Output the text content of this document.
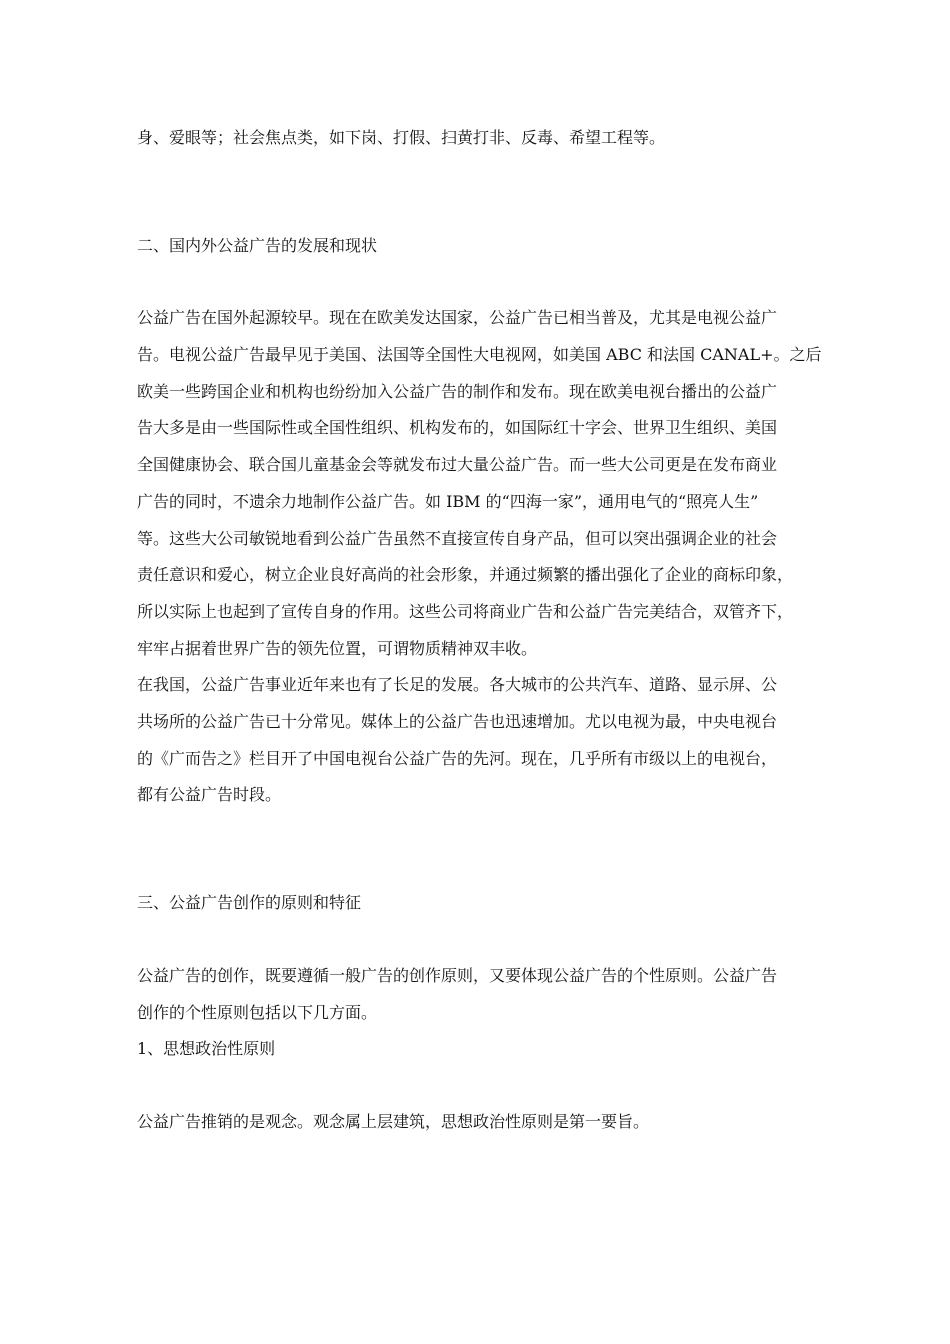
身、爱眼等；社会焦点类，如下岗、打假、扫黄打非、反毒、希望工程等。
二、国内外公益广告的发展和现状
公益广告在国外起源较早。现在在欧美发达国家，公益广告已相当普及，尤其是电视公益广
告。电视公益广告最早见于美国、法国等全国性大电视网，如美国 ABC 和法国 CANAL+。之后
欧美一些跨国企业和机构也纷纷加入公益广告的制作和发布。现在欧美电视台播出的公益广
告大多是由一些国际性或全国性组织、机构发布的，如国际红十字会、世界卫生组织、美国
全国健康协会、联合国儿童基金会等就发布过大量公益广告。而一些大公司更是在发布商业
广告的同时，不遗余力地制作公益广告。如 IBM 的“四海一家”，通用电气的“照亮人生”
等。这些大公司敏锐地看到公益广告虽然不直接宣传自身产品，但可以突出强调企业的社会
责任意识和爱心，树立企业良好高尚的社会形象，并通过频繁的播出强化了企业的商标印象，
所以实际上也起到了宣传自身的作用。这些公司将商业广告和公益广告完美结合，双管齐下，
牢牢占据着世界广告的领先位置，可谓物质精神双丰收。
在我国，公益广告事业近年来也有了长足的发展。各大城市的公共汽车、道路、显示屏、公
共场所的公益广告已十分常见。媒体上的公益广告也迅速增加。尤以电视为最，中央电视台
的《广而告之》栏目开了中国电视台公益广告的先河。现在，几乎所有市级以上的电视台，
都有公益广告时段。
三、公益广告创作的原则和特征
公益广告的创作，既要遵循一般广告的创作原则，又要体现公益广告的个性原则。公益广告
创作的个性原则包括以下几方面。
1、思想政治性原则
公益广告推销的是观念。观念属上层建筑，思想政治性原则是第一要旨。
